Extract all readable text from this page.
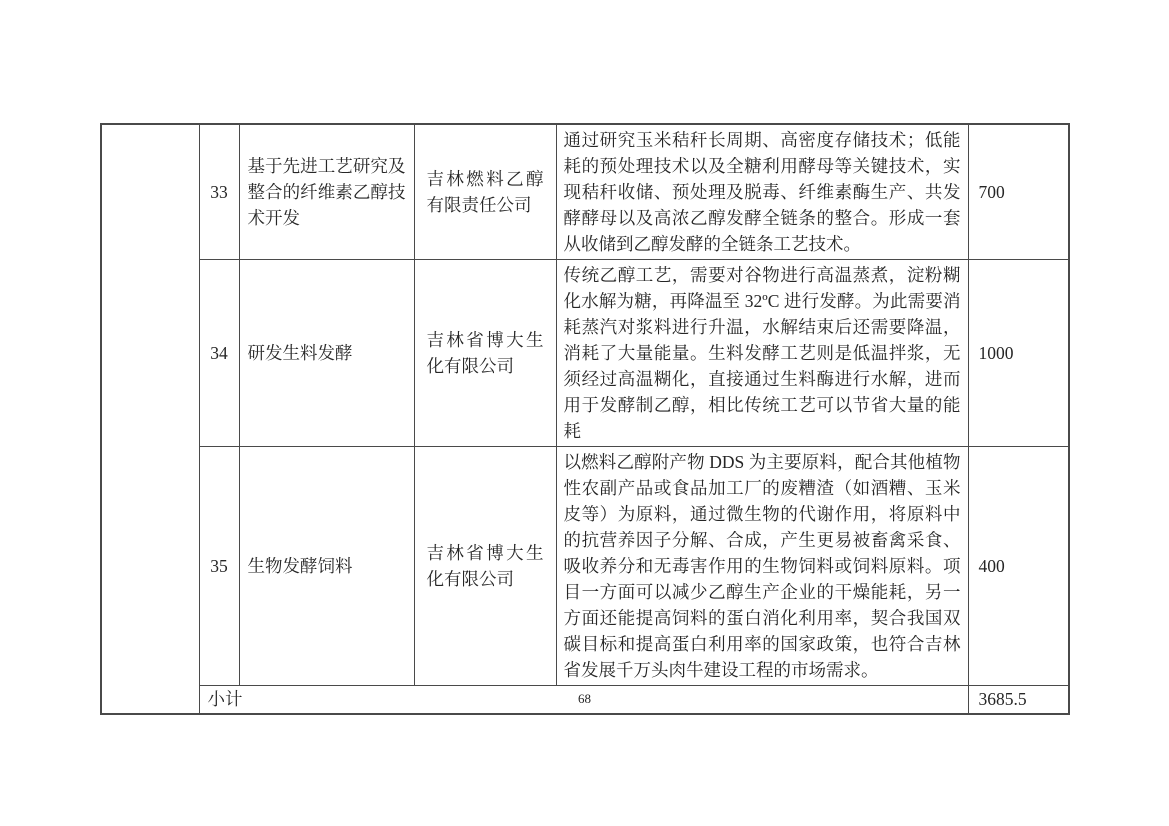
	33	基于先进工艺研究及整合的纤维素乙醇技术开发	吉林燃料乙醇有限责任公司	通过研究玉米秸秆长周期、高密度存储技术；低能耗的预处理技术以及全糖利用酵母等关键技术，实现秸秆收储、预处理及脱毒、纤维素酶生产、共发酵酵母以及高浓乙醇发酵全链条的整合。形成一套从收储到乙醇发酵的全链条工艺技术。	700
	34	研发生料发酵	吉林省博大生化有限公司	传统乙醇工艺，需要对谷物进行高温蒸煮，淀粉糊化水解为糖，再降温至 32ºC 进行发酵。为此需要消耗蒸汽对浆料进行升温，水解结束后还需要降温，消耗了大量能量。生料发酵工艺则是低温拌浆，无须经过高温糊化，直接通过生料酶进行水解，进而用于发酵制乙醇，相比传统工艺可以节省大量的能耗	1000
	35	生物发酵饲料	吉林省博大生化有限公司	以燃料乙醇附产物 DDS 为主要原料，配合其他植物性农副产品或食品加工厂的废糟渣（如酒糟、玉米皮等）为原料，通过微生物的代谢作用，将原料中的抗营养因子分解、合成，产生更易被畜禽采食、吸收养分和无毒害作用的生物饲料或饲料原料。项目一方面可以减少乙醇生产企业的干燥能耗，另一方面还能提高饲料的蛋白消化利用率，契合我国双碳目标和提高蛋白利用率的国家政策，也符合吉林省发展千万头肉牛建设工程的市场需求。	400
	小计				3685.5
68
